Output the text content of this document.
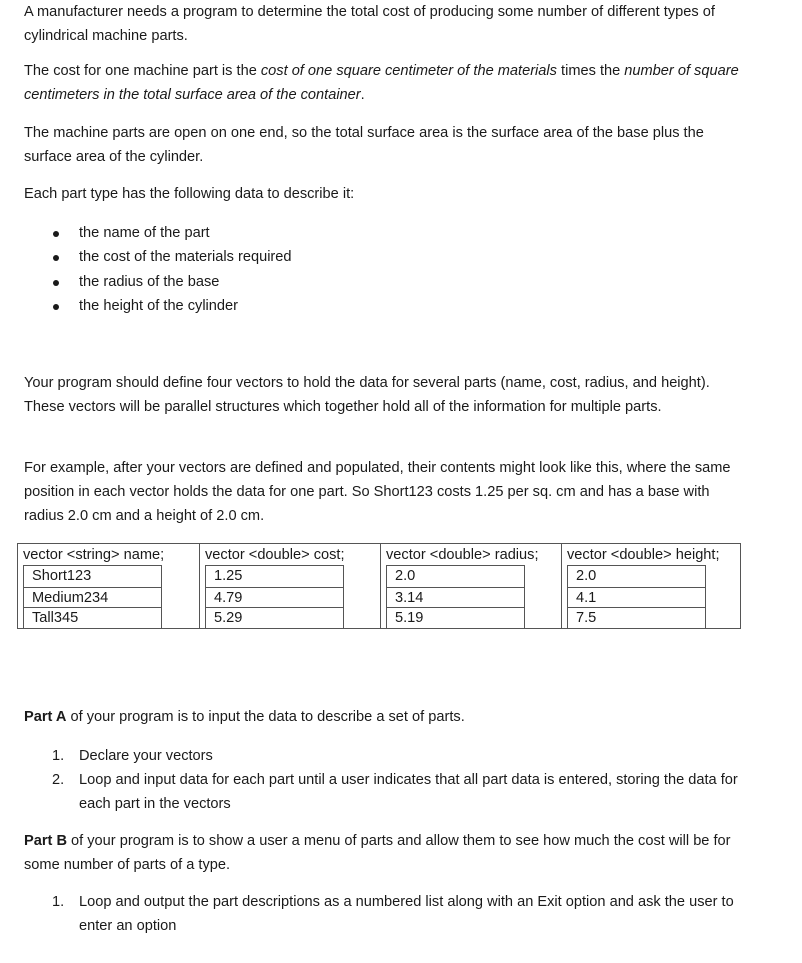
A manufacturer needs a program to determine the total cost of producing some number of different types of cylindrical machine parts.

The cost for one machine part is the cost of one square centimeter of the materials times the number of square centimeters in the total surface area of the container.

The machine parts are open on one end, so the total surface area is the surface area of the base plus the surface area of the cylinder.

Each part type has the following data to describe it:

the name of the part
the cost of the materials required
the radius of the base
the height of the cylinder

Your program should define four vectors to hold the data for several parts (name, cost, radius, and height). These vectors will be parallel structures which together hold all of the information for multiple parts.

For example, after your vectors are defined and populated, their contents might look like this, where the same position in each vector holds the data for one part. So Short123 costs 1.25 per sq. cm and has a base with radius 2.0 cm and a height of 2.0 cm.

Part A of your program is to input the data to describe a set of parts.

1. Declare your vectors
2. Loop and input data for each part until a user indicates that all part data is entered, storing the data for each part in the vectors

Part B of your program is to show a user a menu of parts and allow them to see how much the cost will be for some number of parts of a type.

1. Loop and output the part descriptions as a numbered list along with an Exit option and ask the user to enter an option
vector <string> name;
Short123
Medium234
Tall345
vector <double> cost;
1.25
4.79
5.29
vector <double> radius;
2.0
3.14
5.19
vector <double> height;
2.0
4.1
7.5
